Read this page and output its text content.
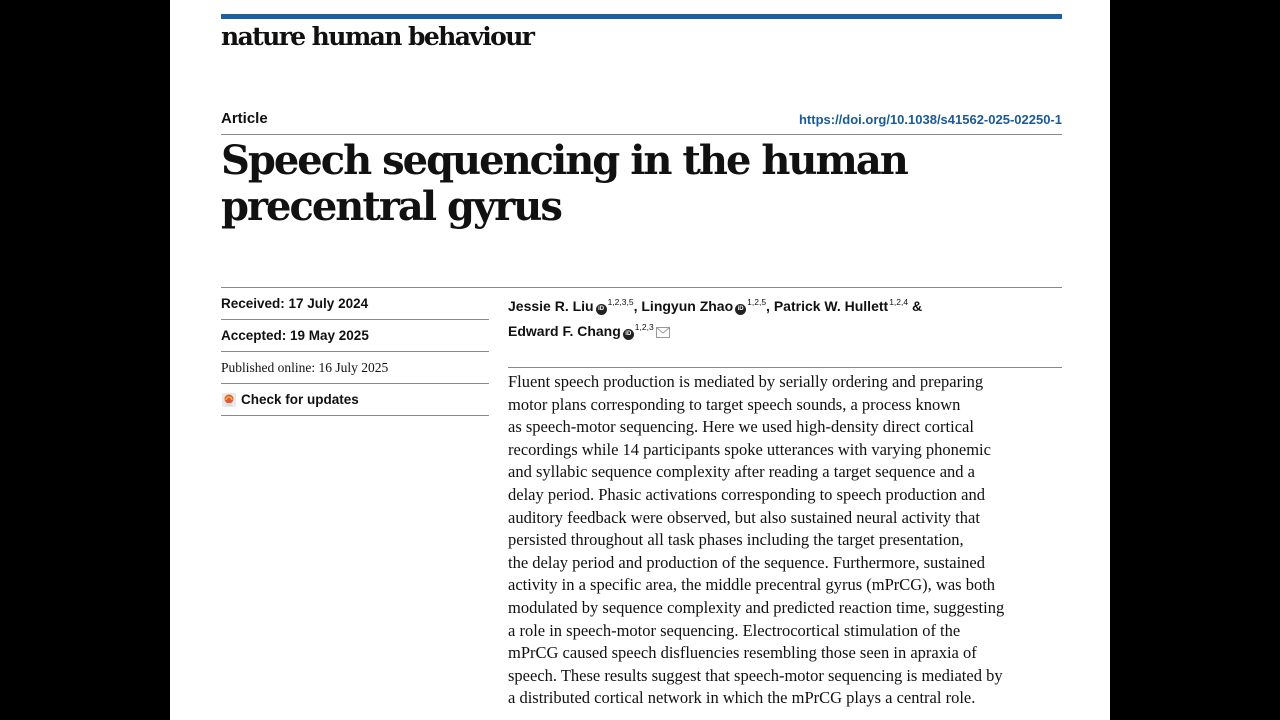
nature human behaviour
Article	https://doi.org/10.1038/s41562-025-02250-1
Speech sequencing in the human
precentral gyrus
Received: 17 July 2024
Accepted: 19 May 2025
Published online: 16 July 2025
Check for updates
Jessie R. Liu iD$^{1,2,3,5}$, Lingyun Zhao iD$^{1,2,5}$, Patrick W. Hullett$^{1,2,4}$ &
Edward F. Chang iD$^{1,2,3}$

Fluent speech production is mediated by serially ordering and preparing
motor plans corresponding to target speech sounds, a process known
as speech-motor sequencing. Here we used high-density direct cortical
recordings while 14 participants spoke utterances with varying phonemic
and syllabic sequence complexity after reading a target sequence and a
delay period. Phasic activations corresponding to speech production and
auditory feedback were observed, but also sustained neural activity that
persisted throughout all task phases including the target presentation,
the delay period and production of the sequence. Furthermore, sustained
activity in a specific area, the middle precentral gyrus (mPrCG), was both
modulated by sequence complexity and predicted reaction time, suggesting
a role in speech-motor sequencing. Electrocortical stimulation of the
mPrCG caused speech disfluencies resembling those seen in apraxia of
speech. These results suggest that speech-motor sequencing is mediated by
a distributed cortical network in which the mPrCG plays a central role.
